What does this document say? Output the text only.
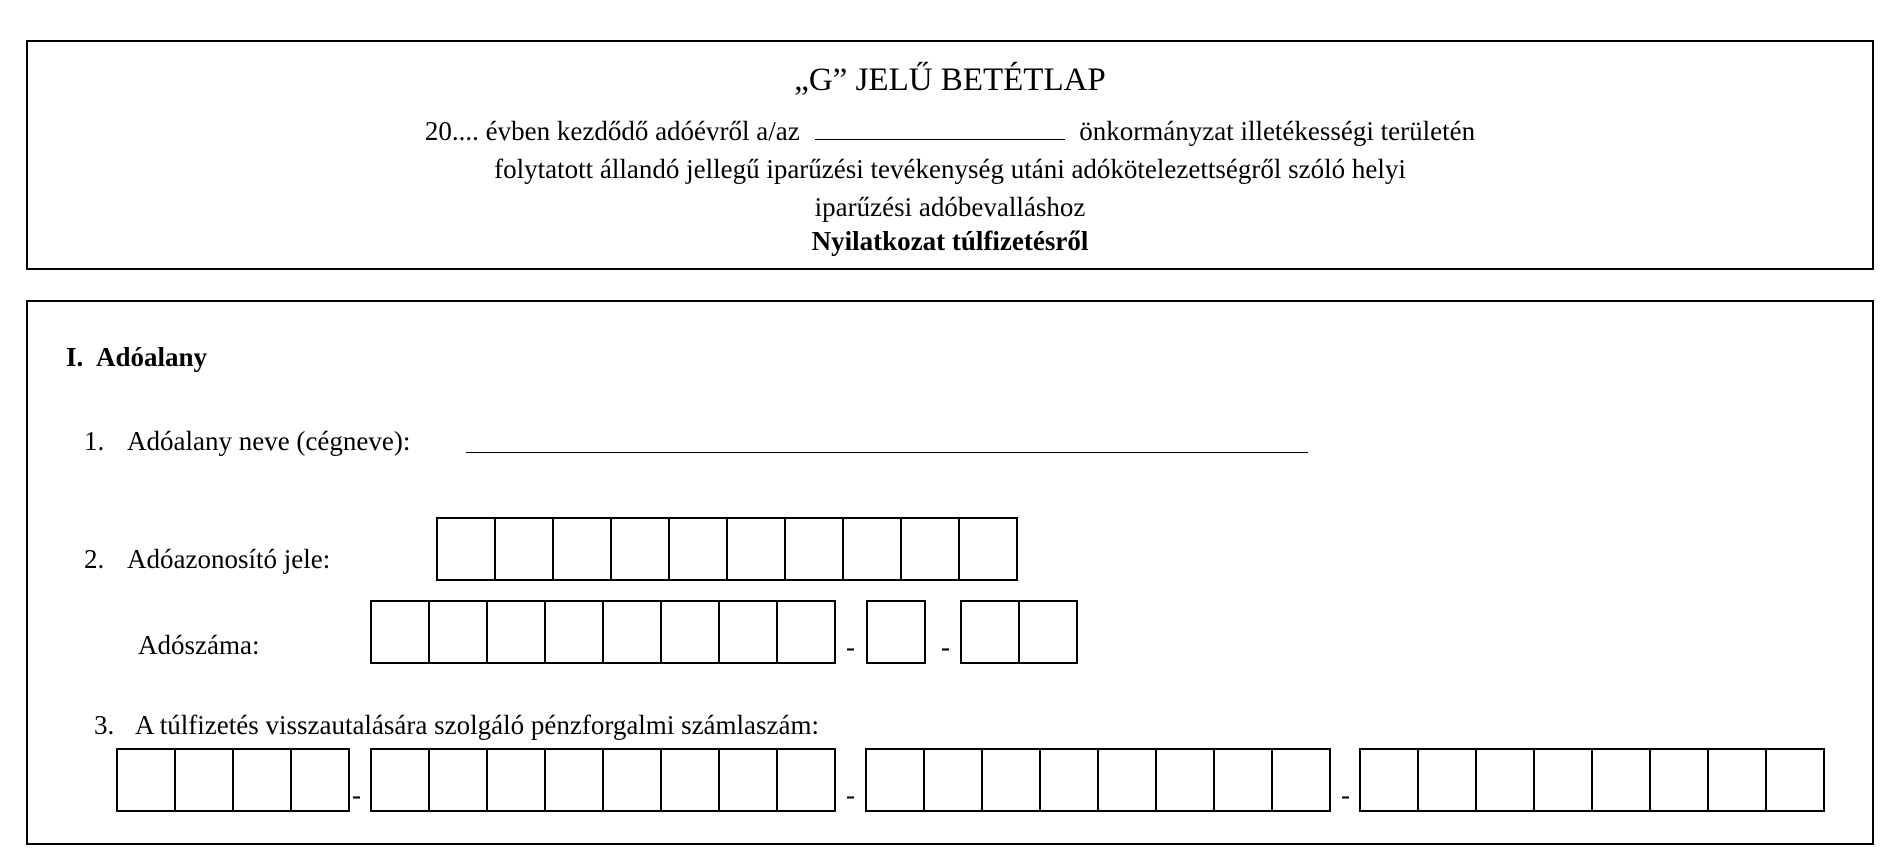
„G” JELŰ BETÉTLAP
20.... évben kezdődő adóévről a/az	önkormányzat illetékességi területén
folytatott állandó jellegű iparűzési tevékenység utáni adókötelezettségről szóló helyi
iparűzési adóbevalláshoz
Nyilatkozat túlfizetésről
I. Adóalany
1. Adóalany neve (cégneve):
2. Adóazonosító jele:
Adószáma:	-	-
3. A túlfizetés visszautalására szolgáló pénzforgalmi számlaszám:
-	-	-
